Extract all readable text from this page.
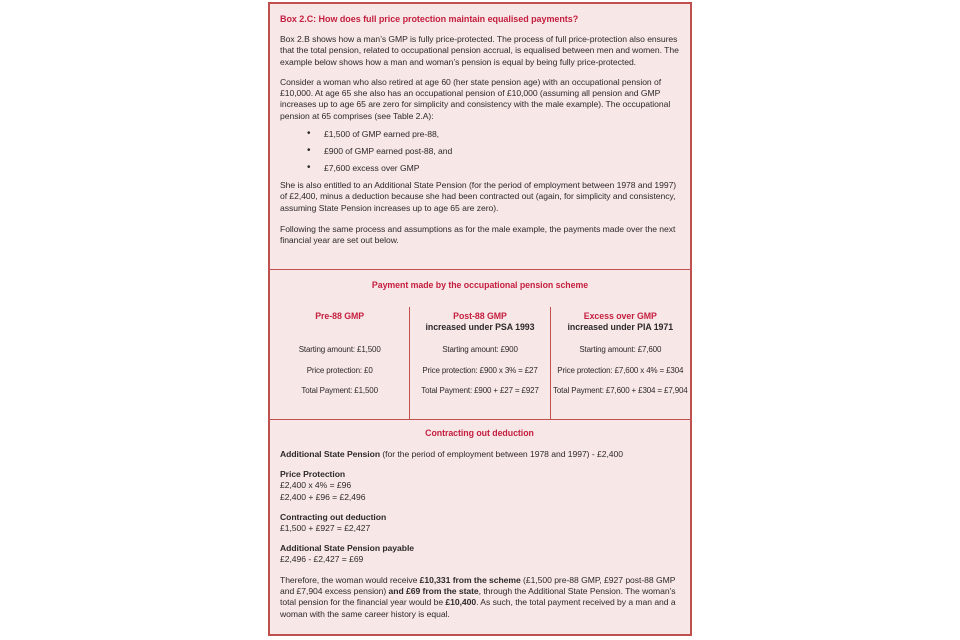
Box 2.C: How does full price protection maintain equalised payments?

Box 2.B shows how a man’s GMP is fully price-protected. The process of full price-protection also ensures that the total pension, related to occupational pension accrual, is equalised between men and women. The example below shows how a man and woman’s pension is equal by being fully price-protected.

Consider a woman who also retired at age 60 (her state pension age) with an occupational pension of £10,000. At age 65 she also has an occupational pension of £10,000 (assuming all pension and GMP increases up to age 65 are zero for simplicity and consistency with the male example). The occupational pension at 65 comprises (see Table 2.A):

• £1,500 of GMP earned pre-88,
• £900 of GMP earned post-88, and
• £7,600 excess over GMP

She is also entitled to an Additional State Pension (for the period of employment between 1978 and 1997) of £2,400, minus a deduction because she had been contracted out (again, for simplicity and consistency, assuming State Pension increases up to age 65 are zero).

Following the same process and assumptions as for the male example, the payments made over the next financial year are set out below.

Payment made by the occupational pension scheme
Pre-88 GMP
Starting amount: £1,500
Price protection: £0
Total Payment: £1,500
Post-88 GMP
increased under PSA 1993
Starting amount: £900
Price protection: £900 x 3% = £27
Total Payment: £900 + £27 = £927
Excess over GMP
increased under PIA 1971
Starting amount: £7,600
Price protection: £7,600 x 4% = £304
Total Payment: £7,600 + £304 = £7,904
Contracting out deduction

Additional State Pension (for the period of employment between 1978 and 1997) - £2,400

Price Protection
£2,400 x 4% = £96
£2,400 + £96 = £2,496
Contracting out deduction
£1,500 + £927 = £2,427
Additional State Pension payable
£2,496 - £2,427 = £69

Therefore, the woman would receive £10,331 from the scheme (£1,500 pre-88 GMP, £927 post-88 GMP and £7,904 excess pension) and £69 from the state, through the Additional State Pension. The woman’s total pension for the financial year would be £10,400. As such, the total payment received by a man and a woman with the same career history is equal.
